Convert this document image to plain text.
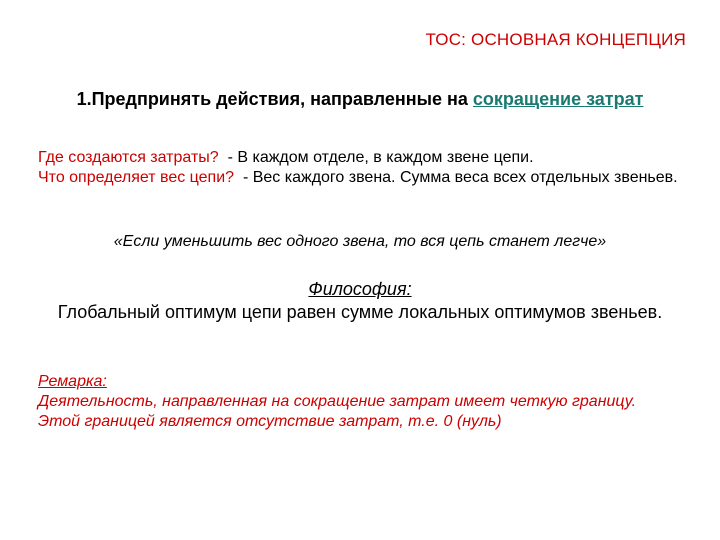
ТОС: ОСНОВНАЯ КОНЦЕПЦИЯ
1.Предпринять действия, направленные на сокращение затрат
Где создаются затраты?  - В каждом отделе, в каждом звене цепи.
Что определяет вес цепи?  - Вес каждого звена. Сумма веса всех отдельных звеньев.
«Если уменьшить вес одного звена, то вся цепь станет легче»
Философия:
Глобальный оптимум цепи равен сумме локальных оптимумов звеньев.
Ремарка:
Деятельность, направленная на сокращение затрат имеет четкую границу.
Этой границей является отсутствие затрат, т.е. 0 (нуль)
